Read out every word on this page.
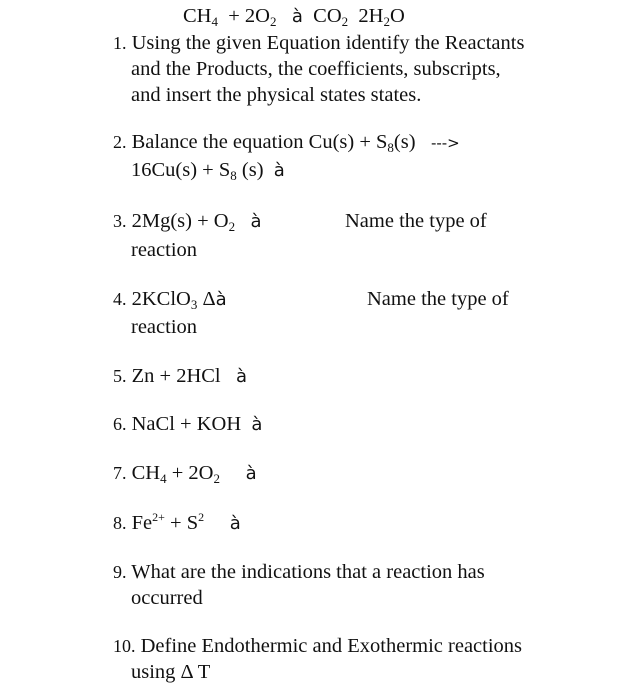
$CH_4 + 2O_2$ à $CO_2$ $2H_2O$
1. Using the given Equation identify the Reactants
and the Products, the coefficients, subscripts,
and insert the physical states states.
2. Balance the equation $Cu(s) + S_8(s)$ --->
$16Cu(s) + S_8$ (s) à
3. $2Mg(s) + O_2$ à	Name the type of
reaction
4. 2KClO$_3$ Δà	Name the type of
reaction
5. Zn + 2HCl à
6. NaCl + KOH à
7. $CH_4 + 2O_2$ à
8. $Fe^{2+} + S^2$ à
9. What are the indications that a reaction has
occurred
10. Define Endothermic and Exothermic reactions
using Δ T
